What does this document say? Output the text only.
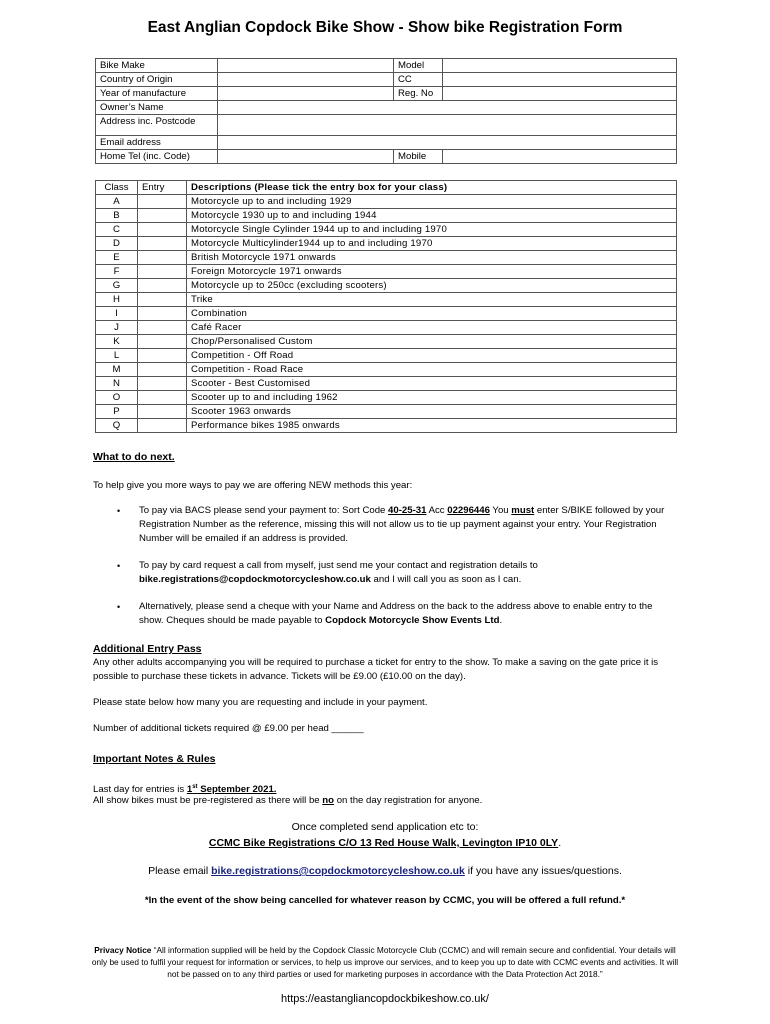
East Anglian Copdock Bike Show - Show bike Registration Form
Bike Make		Model	
Country of Origin		CC	
Year of manufacture		Reg. No	
Owner’s Name			
Address inc. Postcode			
Email address			
Home Tel (inc. Code)		Mobile	
Class	Entry	Descriptions (Please tick the entry box for your class)
A		Motorcycle up to and including 1929
B		Motorcycle 1930 up to and including 1944
C		Motorcycle Single Cylinder 1944 up to and including 1970
D		Motorcycle Multicylinder1944 up to and including 1970
E		British Motorcycle 1971 onwards
F		Foreign Motorcycle 1971 onwards
G		Motorcycle up to 250cc (excluding scooters)
H		Trike
I		Combination
J		Café Racer
K		Chop/Personalised Custom
L		Competition - Off Road
M		Competition - Road Race
N		Scooter - Best Customised
O		Scooter up to and including 1962
P		Scooter 1963 onwards
Q		Performance bikes 1985 onwards
What to do next.
To help give you more ways to pay we are offering NEW methods this year:
• To pay via BACS please send your payment to: Sort Code 40-25-31 Acc 02296446 You must enter S/BIKE followed by your Registration Number as the reference, missing this will not allow us to tie up payment against your entry. Your Registration Number will be emailed if an address is provided.
• To pay by card request a call from myself, just send me your contact and registration details to bike.registrations@copdockmotorcycleshow.co.uk and I will call you as soon as I can.
• Alternatively, please send a cheque with your Name and Address on the back to the address above to enable entry to the show. Cheques should be made payable to Copdock Motorcycle Show Events Ltd.
Additional Entry Pass
Any other adults accompanying you will be required to purchase a ticket for entry to the show. To make a saving on the gate price it is possible to purchase these tickets in advance. Tickets will be £9.00 (£10.00 on the day).
Please state below how many you are requesting and include in your payment.
Number of additional tickets required @ £9.00 per head ______
Important Notes & Rules
Last day for entries is 1st September 2021.
All show bikes must be pre-registered as there will be no on the day registration for anyone.
Once completed send application etc to:
CCMC Bike Registrations C/O 13 Red House Walk, Levington IP10 0LY.
Please email bike.registrations@copdockmotorcycleshow.co.uk if you have any issues/questions.
*In the event of the show being cancelled for whatever reason by CCMC, you will be offered a full refund.*
Privacy Notice “All information supplied will be held by the Copdock Classic Motorcycle Club (CCMC) and will remain secure and confidential. Your details will only be used to fulfil your request for information or services, to help us improve our services, and to keep you up to date with CCMC events and activities. It will not be passed on to any third parties or used for marketing purposes in accordance with the Data Protection Act 2018.”
https://eastangliancopdockbikeshow.co.uk/
